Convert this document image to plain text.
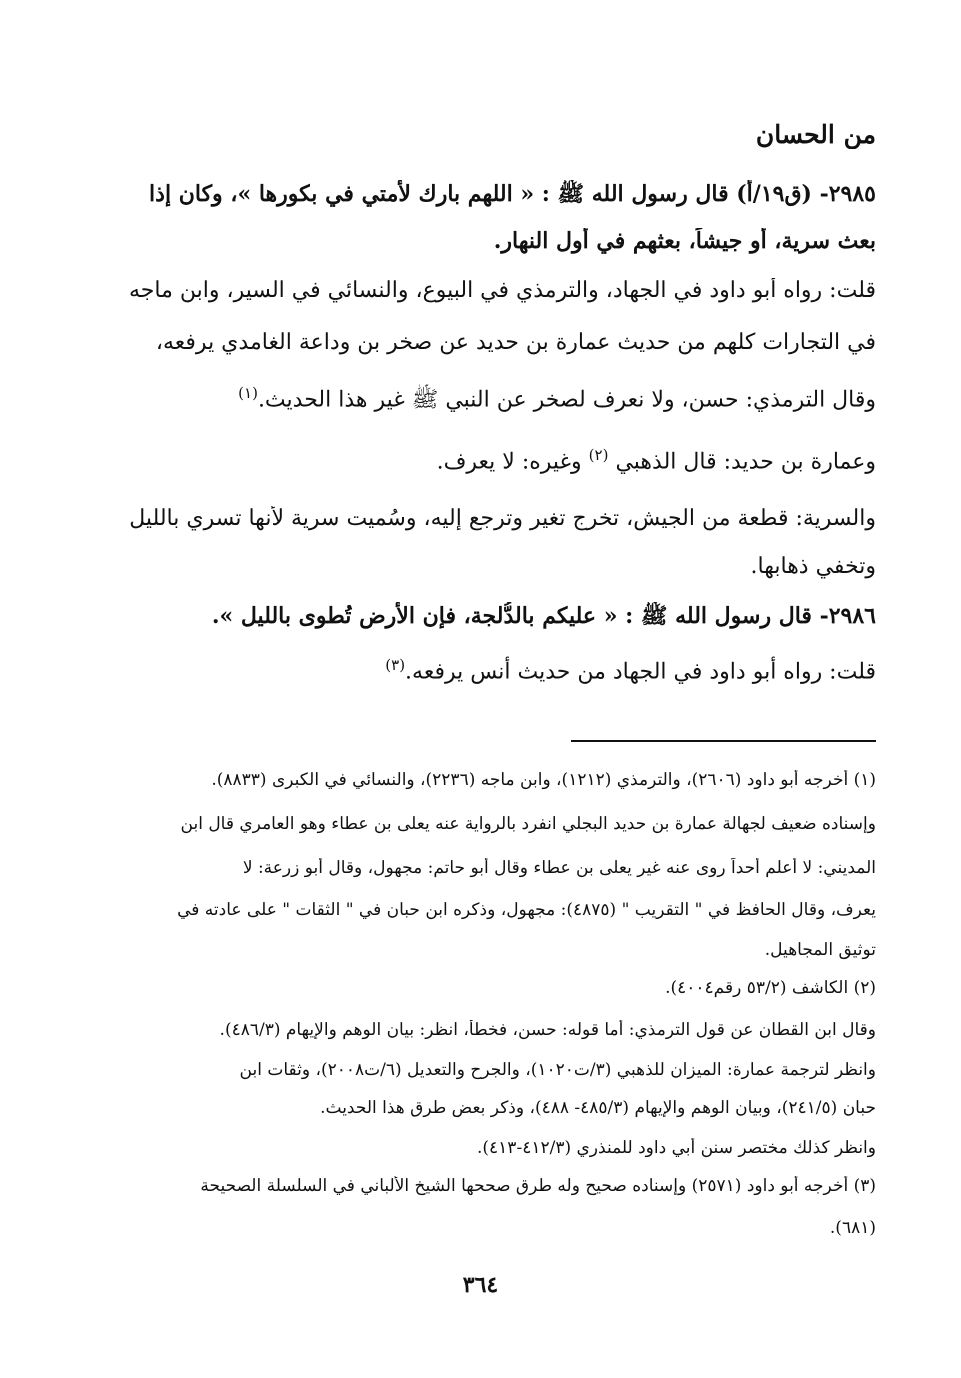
من الحسان
٢٩٨٥- (ق١٩/أ) قال رسول الله ﷺ : « اللهم بارك لأمتي في بكورها »، وكان إذا
بعث سرية، أو جيشاً، بعثهم في أول النهار.
قلت: رواه أبو داود في الجهاد، والترمذي في البيوع، والنسائي في السير، وابن ماجه
في التجارات كلهم من حديث عمارة بن حديد عن صخر بن وداعة الغامدي يرفعه،
وقال الترمذي: حسن، ولا نعرف لصخر عن النبي ﷺ غير هذا الحديث.$^{(١)}$
وعمارة بن حديد: قال الذهبي $^{(٢)}$ وغيره: لا يعرف.
والسرية: قطعة من الجيش، تخرج تغير وترجع إليه، وسُميت سرية لأنها تسري بالليل
وتخفي ذهابها.
٢٩٨٦- قال رسول الله ﷺ : « عليكم بالدُّلجة، فإن الأرض تُطوى بالليل ».
قلت: رواه أبو داود في الجهاد من حديث أنس يرفعه.$^{(٣)}$
(١) أخرجه أبو داود (٢٦٠٦)، والترمذي (١٢١٢)، وابن ماجه (٢٢٣٦)، والنسائي في الكبرى (٨٨٣٣).
وإسناده ضعيف لجهالة عمارة بن حديد البجلي انفرد بالرواية عنه يعلى بن عطاء وهو العامري قال ابن
المديني: لا أعلم أحداً روى عنه غير يعلى بن عطاء وقال أبو حاتم: مجهول، وقال أبو زرعة: لا
يعرف، وقال الحافظ في " التقريب " (٤٨٧٥): مجهول، وذكره ابن حبان في " الثقات " على عادته في
توثيق المجاهيل.
(٢) الكاشف (٥٣/٢ رقم٤٠٠٤).
وقال ابن القطان عن قول الترمذي: أما قوله: حسن، فخطأ، انظر: بيان الوهم والإيهام (٤٨٦/٣).
وانظر لترجمة عمارة: الميزان للذهبي (٣/ت١٠٢٠)، والجرح والتعديل (٦/ت٢٠٠٨)، وثقات ابن
حبان (٢٤١/٥)، وبيان الوهم والإيهام (٤٨٥/٣- ٤٨٨)، وذكر بعض طرق هذا الحديث.
وانظر كذلك مختصر سنن أبي داود للمنذري (٤١٢/٣-٤١٣).
(٣) أخرجه أبو داود (٢٥٧١) وإسناده صحيح وله طرق صححها الشيخ الألباني في السلسلة الصحيحة
(٦٨١).
٣٦٤
